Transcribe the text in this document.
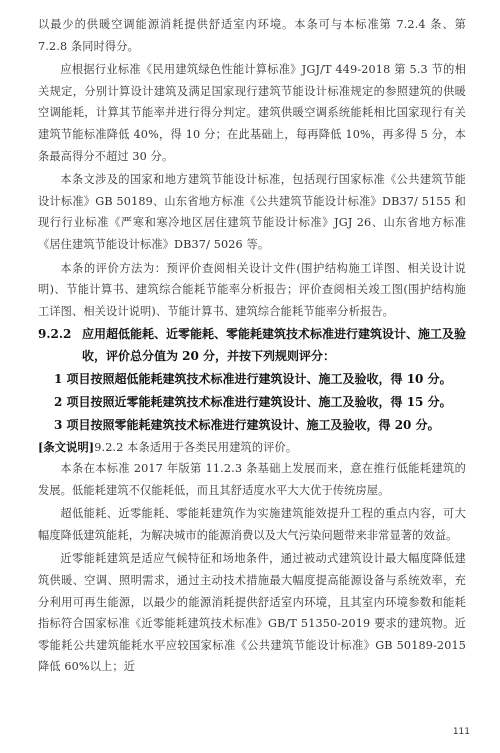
以最少的供暖空调能源消耗提供舒适室内环境。本条可与本标准第 7.2.4 条、第 7.2.8 条同时得分。

应根据行业标准《民用建筑绿色性能计算标准》JGJ/T 449-2018 第 5.3 节的相关规定，分别计算设计建筑及满足国家现行建筑节能设计标准规定的参照建筑的供暖空调能耗，计算其节能率并进行得分判定。建筑供暖空调系统能耗相比国家现行有关建筑节能标准降低 40%，得 10 分；在此基础上，每再降低 10%，再多得 5 分，本条最高得分不超过 30 分。

本条文涉及的国家和地方建筑节能设计标准，包括现行国家标准《公共建筑节能设计标准》GB 50189、山东省地方标准《公共建筑节能设计标准》DB37/ 5155 和现行行业标准《严寒和寒冷地区居住建筑节能设计标准》JGJ 26、山东省地方标准《居住建筑节能设计标准》DB37/ 5026 等。

本条的评价方法为：预评价查阅相关设计文件(围护结构施工详图、相关设计说明)、节能计算书、建筑综合能耗节能率分析报告；评价查阅相关竣工图(围护结构施工详图、相关设计说明)、节能计算书、建筑综合能耗节能率分析报告。

9.2.2 应用超低能耗、近零能耗、零能耗建筑技术标准进行建筑设计、施工及验收，评价总分值为 20 分，并按下列规则评分：
1 项目按照超低能耗建筑技术标准进行建筑设计、施工及验收，得 10 分。
2 项目按照近零能耗建筑技术标准进行建筑设计、施工及验收，得 15 分。
3 项目按照零能耗建筑技术标准进行建筑设计、施工及验收，得 20 分。

[条文说明]9.2.2 本条适用于各类民用建筑的评价。

本条在本标准 2017 年版第 11.2.3 条基础上发展而来，意在推行低能耗建筑的发展。低能耗建筑不仅能耗低，而且其舒适度水平大大优于传统房屋。

超低能耗、近零能耗、零能耗建筑作为实施建筑能效提升工程的重点内容，可大幅度降低建筑能耗，为解决城市的能源消费以及大气污染问题带来非常显著的效益。

近零能耗建筑是适应气候特征和场地条件，通过被动式建筑设计最大幅度降低建筑供暖、空调、照明需求，通过主动技术措施最大幅度提高能源设备与系统效率，充分利用可再生能源，以最少的能源消耗提供舒适室内环境，且其室内环境参数和能耗指标符合国家标准《近零能耗建筑技术标准》GB/T 51350-2019 要求的建筑物。近零能耗公共建筑能耗水平应较国家标准《公共建筑节能设计标准》GB 50189-2015 降低 60%以上；近

111
